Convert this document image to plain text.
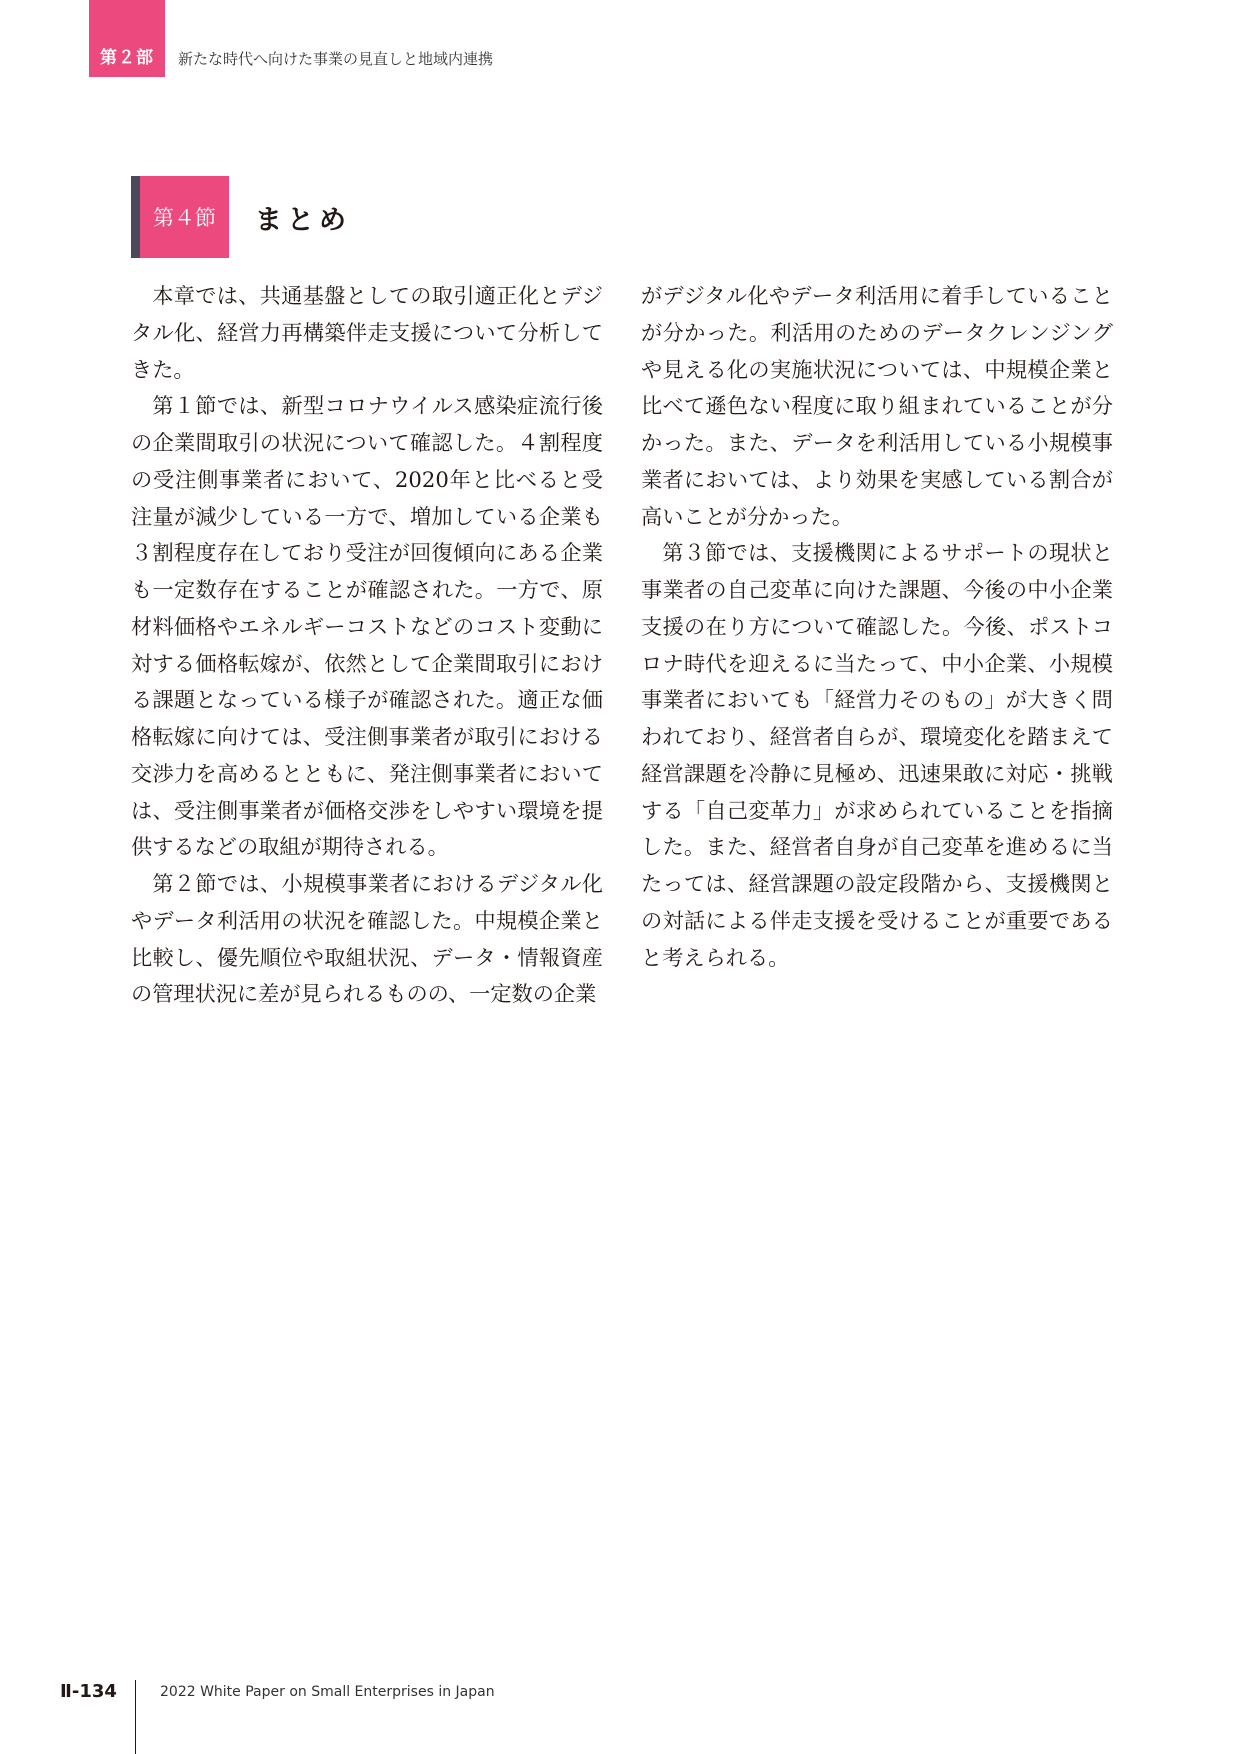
第２部	新たな時代へ向けた事業の見直しと地域内連携
第４節	まとめ

本章では、共通基盤としての取引適正化とデジタル化、経営力再構築伴走支援について分析してきた。

第１節では、新型コロナウイルス感染症流行後の企業間取引の状況について確認した。４割程度の受注側事業者において、2020年と比べると受注量が減少している一方で、増加している企業も３割程度存在しており受注が回復傾向にある企業も一定数存在することが確認された。一方で、原材料価格やエネルギーコストなどのコスト変動に対する価格転嫁が、依然として企業間取引における課題となっている様子が確認された。適正な価格転嫁に向けては、受注側事業者が取引における交渉力を高めるとともに、発注側事業者においては、受注側事業者が価格交渉をしやすい環境を提供するなどの取組が期待される。

第２節では、小規模事業者におけるデジタル化やデータ利活用の状況を確認した。中規模企業と比較し、優先順位や取組状況、データ・情報資産の管理状況に差が見られるものの、一定数の企業

がデジタル化やデータ利活用に着手していることが分かった。利活用のためのデータクレンジングや見える化の実施状況については、中規模企業と比べて遜色ない程度に取り組まれていることが分かった。また、データを利活用している小規模事業者においては、より効果を実感している割合が高いことが分かった。

第３節では、支援機関によるサポートの現状と事業者の自己変革に向けた課題、今後の中小企業支援の在り方について確認した。今後、ポストコロナ時代を迎えるに当たって、中小企業、小規模事業者においても「経営力そのもの」が大きく問われており、経営者自らが、環境変化を踏まえて経営課題を冷静に見極め、迅速果敢に対応・挑戦する「自己変革力」が求められていることを指摘した。また、経営者自身が自己変革を進めるに当たっては、経営課題の設定段階から、支援機関との対話による伴走支援を受けることが重要であると考えられる。

Ⅱ-134	2022 White Paper on Small Enterprises in Japan
